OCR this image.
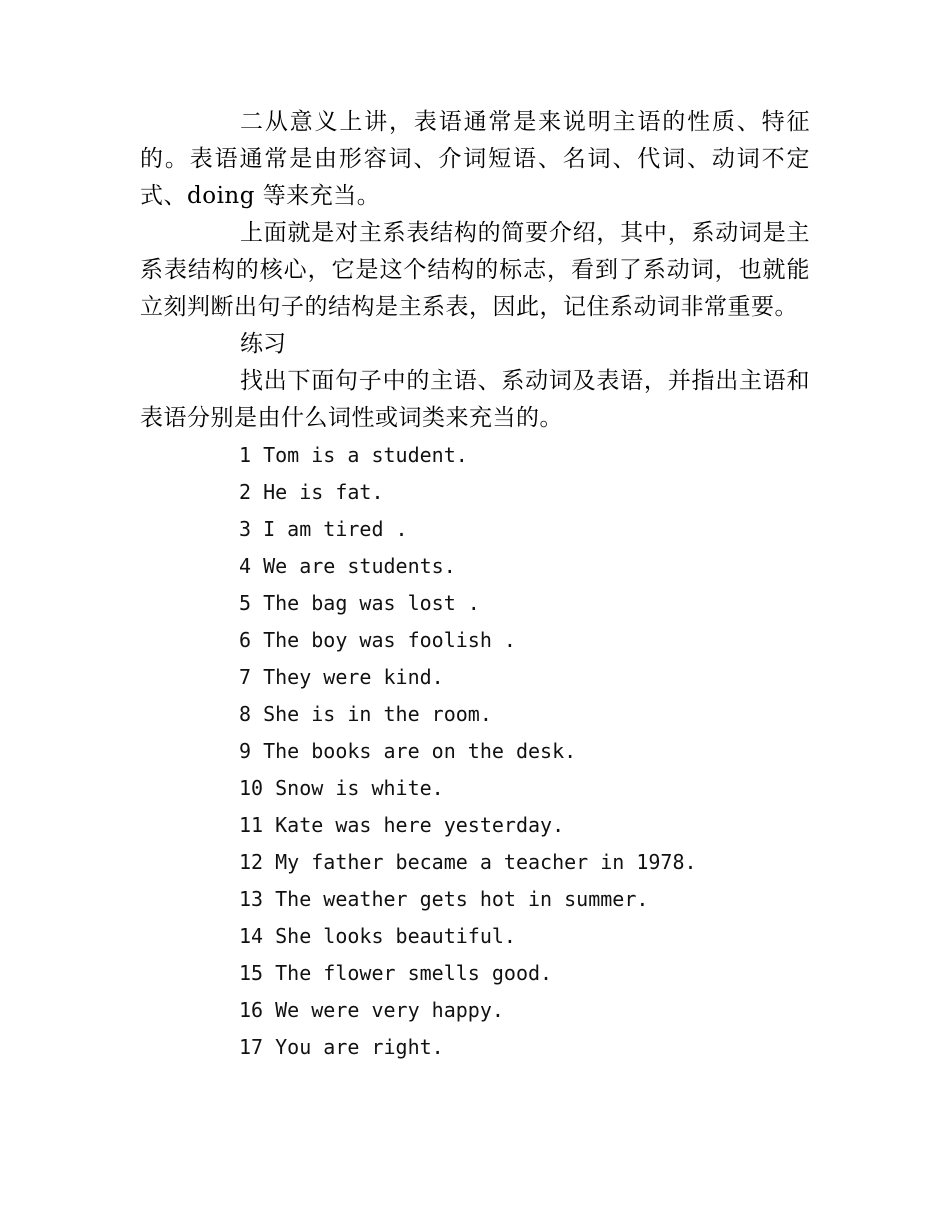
二从意义上讲，表语通常是来说明主语的性质、特征的。表语通常是由形容词、介词短语、名词、代词、动词不定式、doing 等来充当。

上面就是对主系表结构的简要介绍，其中，系动词是主系表结构的核心，它是这个结构的标志，看到了系动词，也就能立刻判断出句子的结构是主系表，因此，记住系动词非常重要。

练习

找出下面句子中的主语、系动词及表语，并指出主语和表语分别是由什么词性或词类来充当的。

1 Tom is a student.
2 He is fat.
3 I am tired .
4 We are students.
5 The bag was lost .
6 The boy was foolish .
7 They were kind.
8 She is in the room.
9 The books are on the desk.
10 Snow is white.
11 Kate was here yesterday.
12 My father became a teacher in 1978.
13 The weather gets hot in summer.
14 She looks beautiful.
15 The flower smells good.
16 We were very happy.
17 You are right.
